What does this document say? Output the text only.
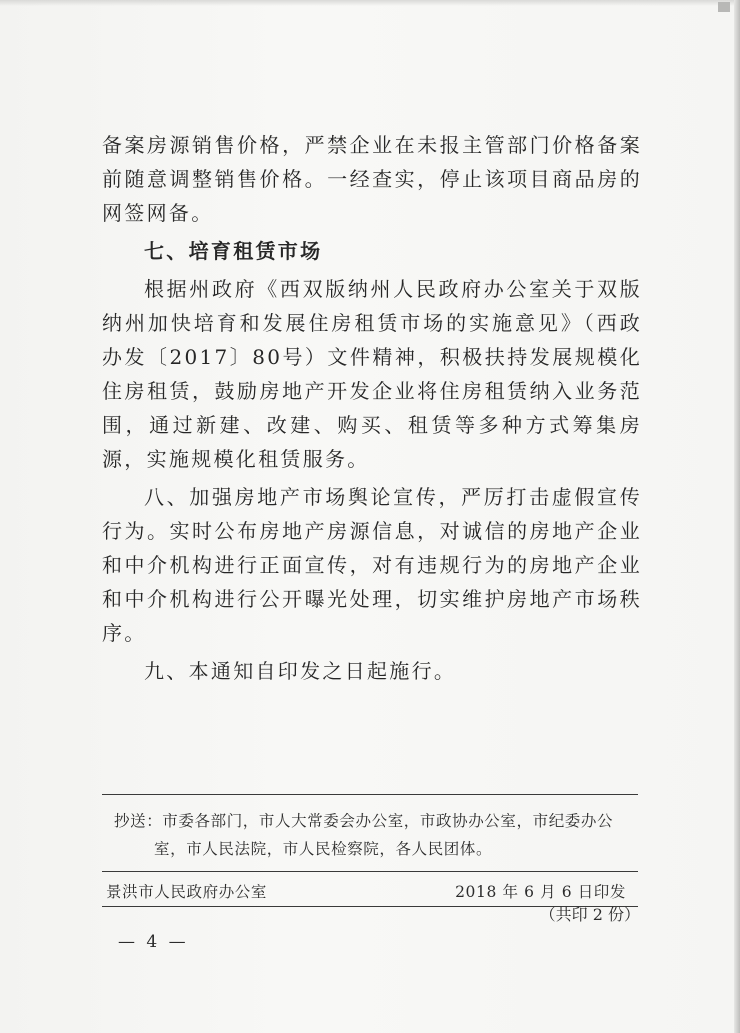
备案房源销售价格，严禁企业在未报主管部门价格备案前随意调整销售价格。一经查实，停止该项目商品房的网签网备。

七、培育租赁市场

根据州政府《西双版纳州人民政府办公室关于双版纳州加快培育和发展住房租赁市场的实施意见》（西政办发〔2017〕80号）文件精神，积极扶持发展规模化住房租赁，鼓励房地产开发企业将住房租赁纳入业务范围，通过新建、改建、购买、租赁等多种方式筹集房源，实施规模化租赁服务。

八、加强房地产市场舆论宣传，严厉打击虚假宣传行为。实时公布房地产房源信息，对诚信的房地产企业和中介机构进行正面宣传，对有违规行为的房地产企业和中介机构进行公开曝光处理，切实维护房地产市场秩序。

九、本通知自印发之日起施行。

抄送：市委各部门，市人大常委会办公室，市政协办公室，市纪委办公
室，市人民法院，市人民检察院，各人民团体。
景洪市人民政府办公室	2018 年 6 月 6 日印发
（共印 2 份）
— 4 —
